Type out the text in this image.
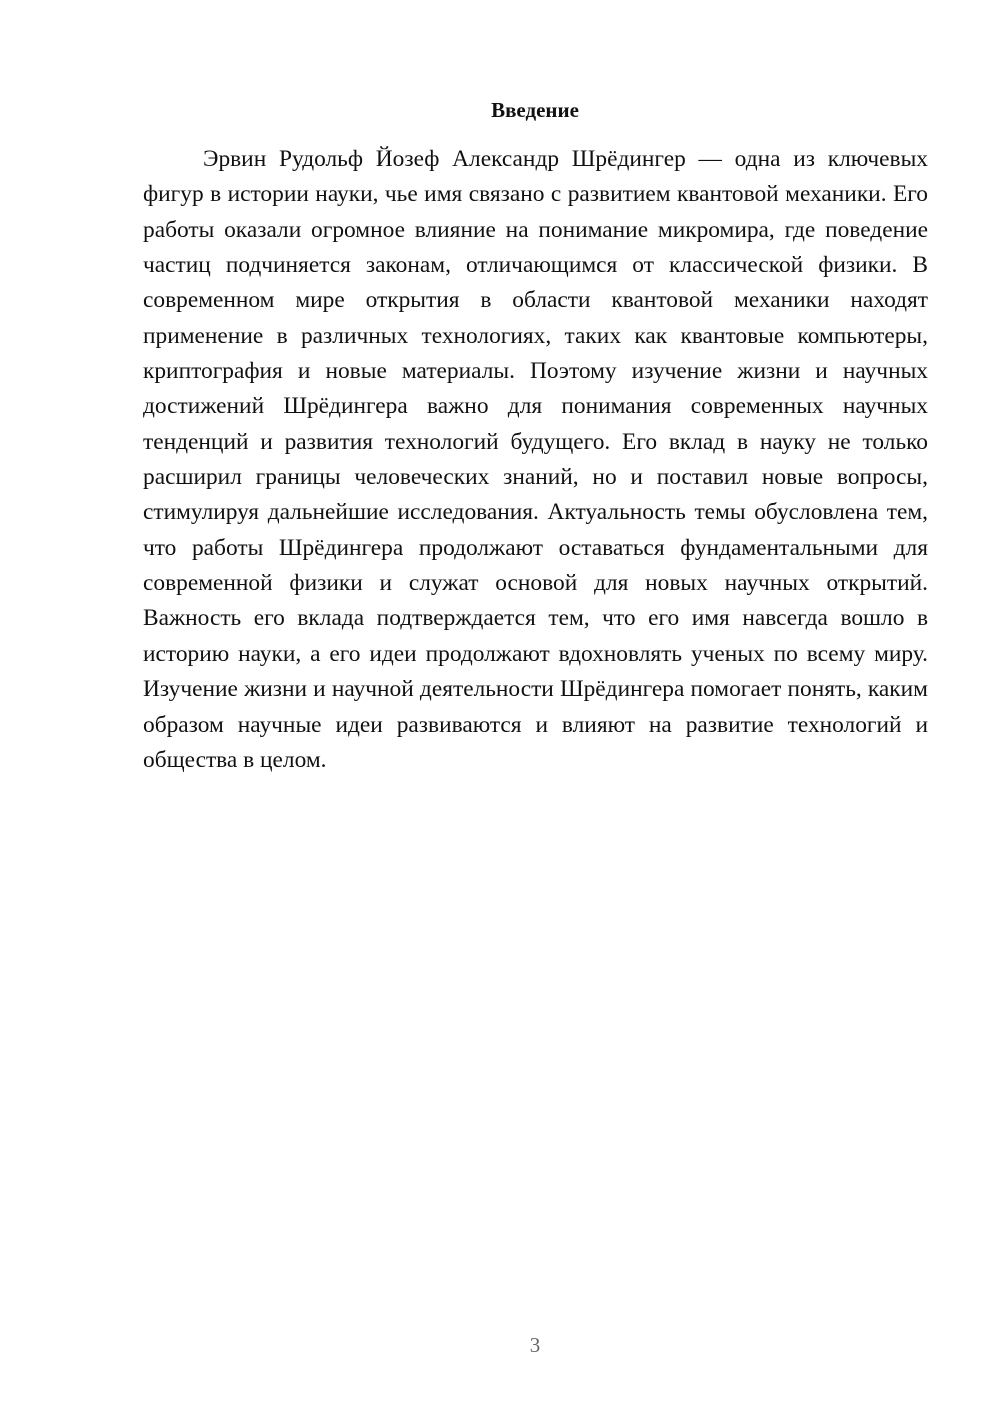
Введение

Эрвин Рудольф Йозеф Александр Шрёдингер — одна из ключевых фигур в истории науки, чье имя связано с развитием квантовой механики. Его работы оказали огромное влияние на понимание микромира, где поведение частиц подчиняется законам, отличающимся от классической физики. В современном мире открытия в области квантовой механики находят применение в различных технологиях, таких как квантовые компьютеры, криптография и новые материалы. Поэтому изучение жизни и научных достижений Шрёдингера важно для понимания современных научных тенденций и развития технологий будущего. Его вклад в науку не только расширил границы человеческих знаний, но и поставил новые вопросы, стимулируя дальнейшие исследования. Актуальность темы обусловлена тем, что работы Шрёдингера продолжают оставаться фундаментальными для современной физики и служат основой для новых научных открытий. Важность его вклада подтверждается тем, что его имя навсегда вошло в историю науки, а его идеи продолжают вдохновлять ученых по всему миру. Изучение жизни и научной деятельности Шрёдингера помогает понять, каким образом научные идеи развиваются и влияют на развитие технологий и общества в целом.

3
